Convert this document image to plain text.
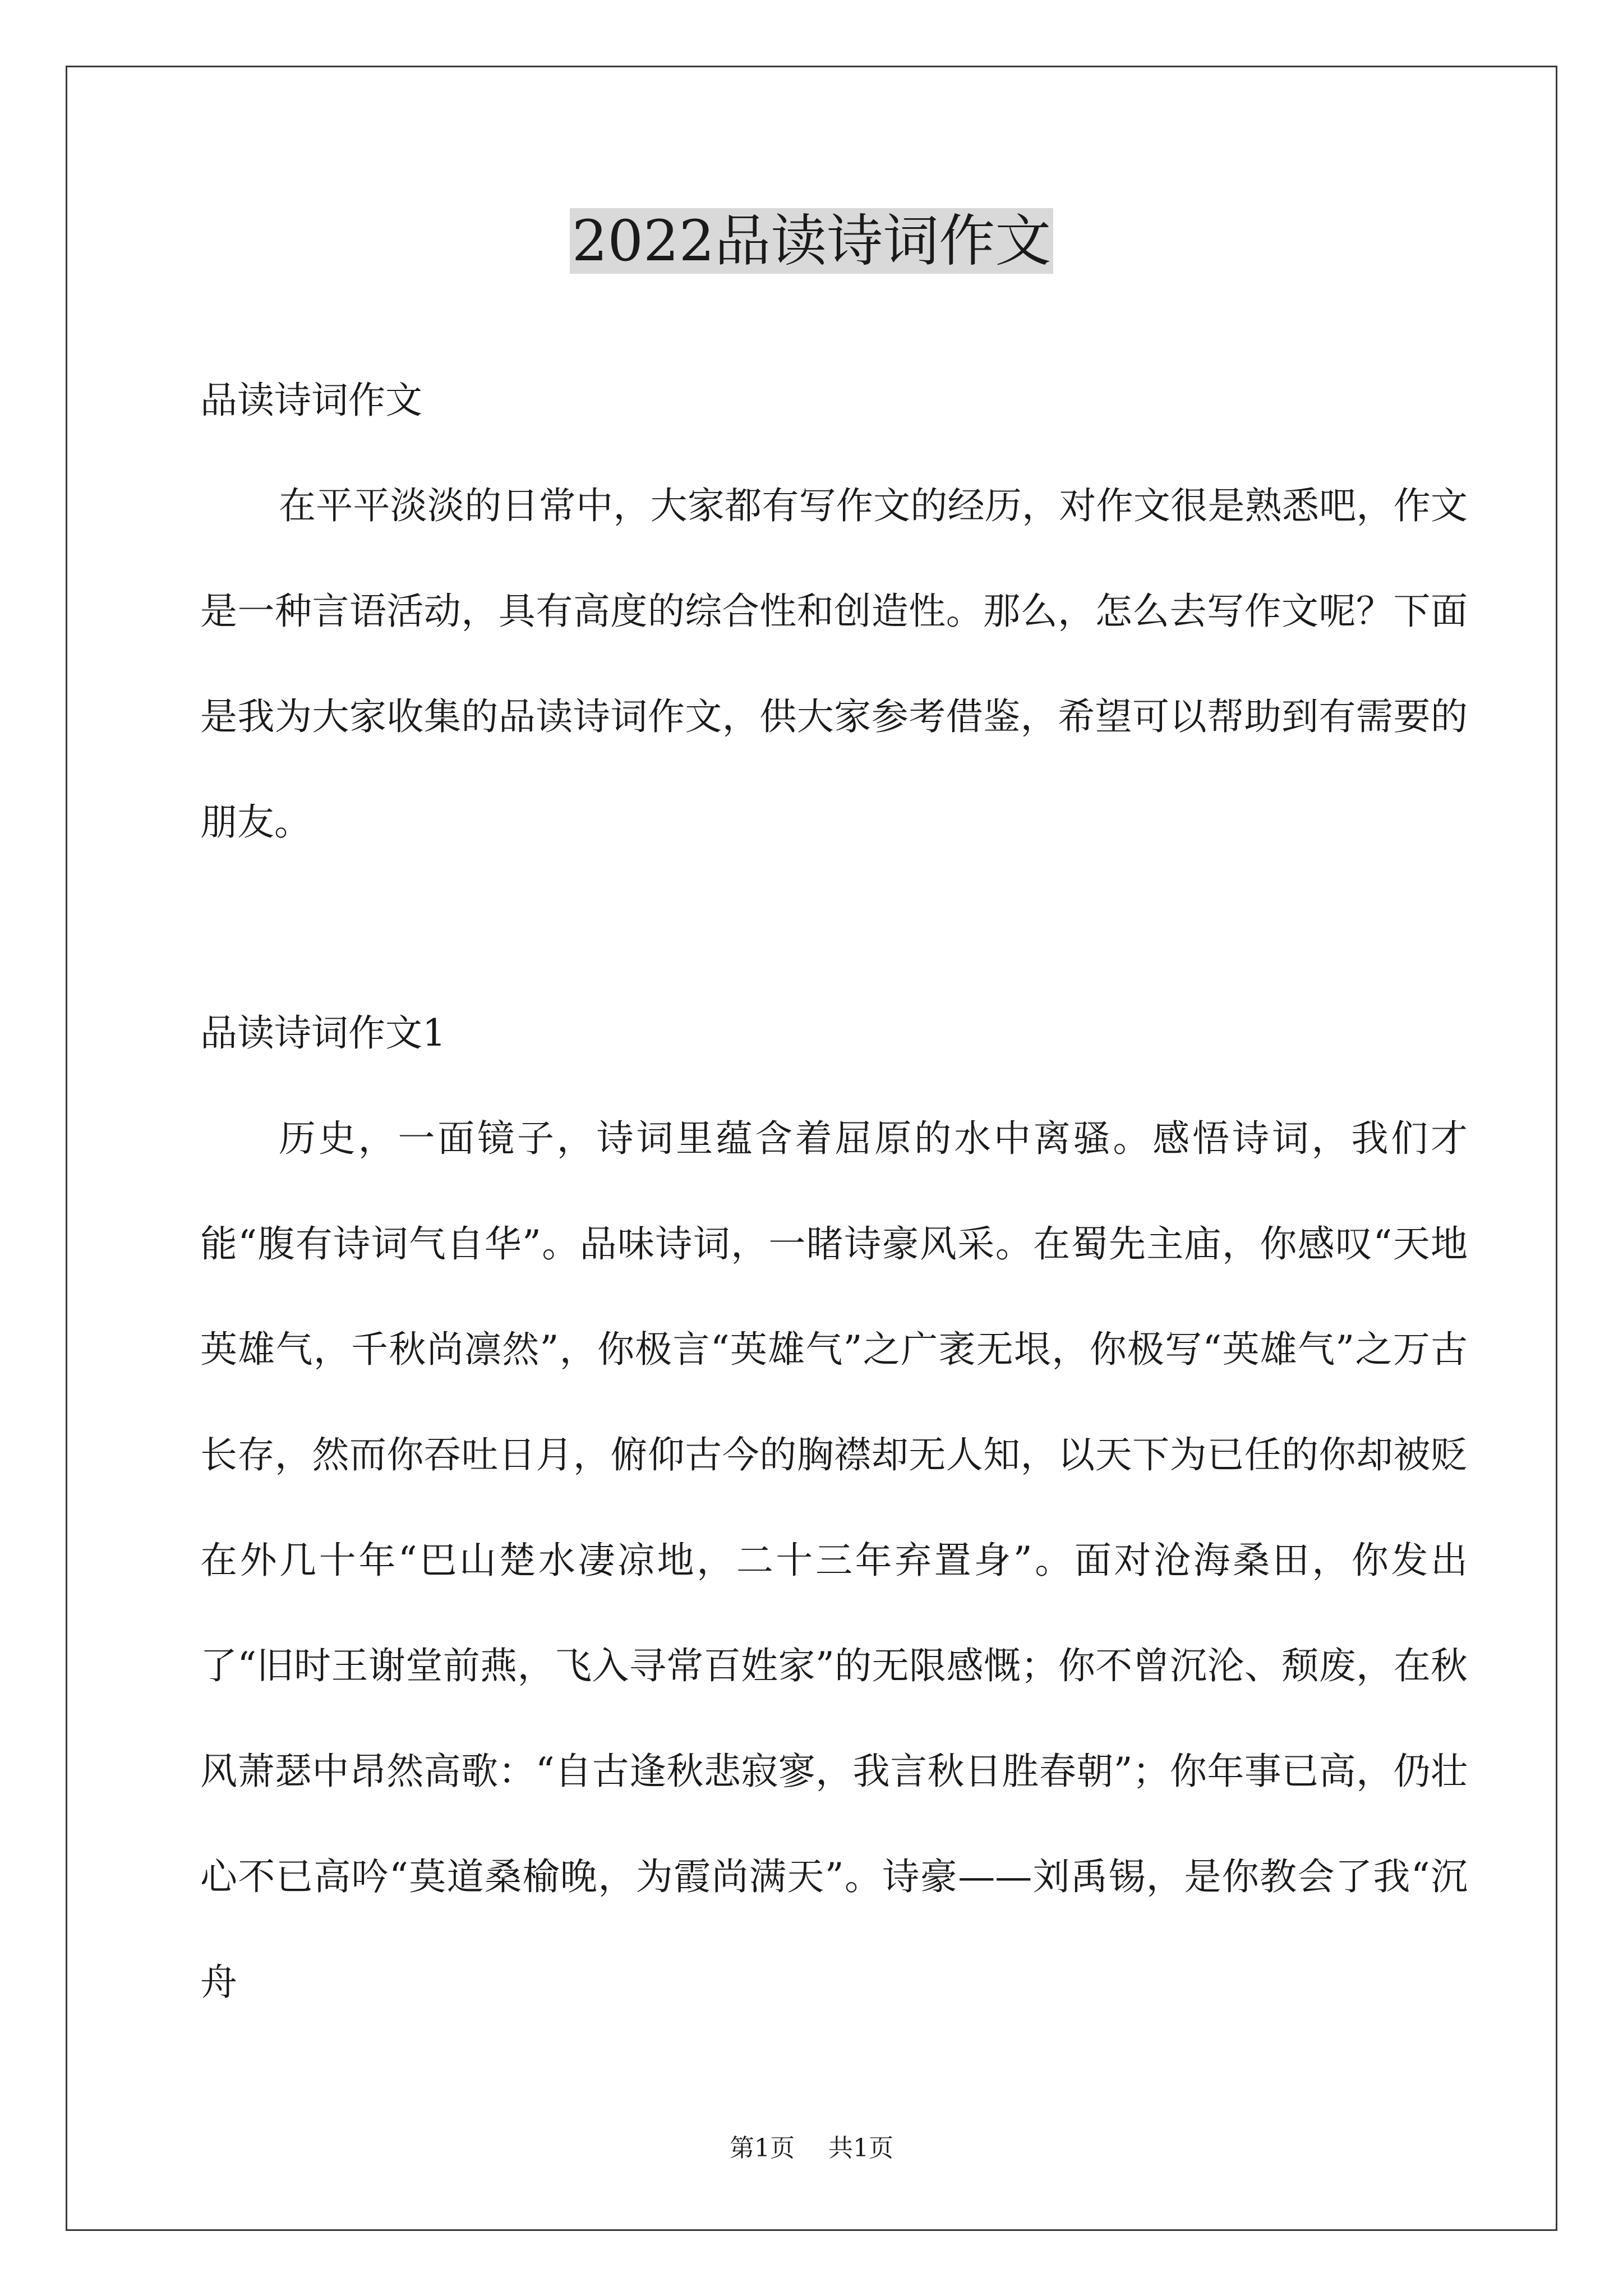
2022品读诗词作文

品读诗词作文

在平平淡淡的日常中，大家都有写作文的经历，对作文很是熟悉吧，作文是一种言语活动，具有高度的综合性和创造性。那么，怎么去写作文呢？下面是我为大家收集的品读诗词作文，供大家参考借鉴，希望可以帮助到有需要的朋友。

品读诗词作文1

历史，一面镜子，诗词里蕴含着屈原的水中离骚。感悟诗词，我们才能“腹有诗词气自华”。品味诗词，一睹诗豪风采。在蜀先主庙，你感叹“天地英雄气，千秋尚凛然”，你极言“英雄气”之广袤无垠，你极写“英雄气”之万古长存，然而你吞吐日月，俯仰古今的胸襟却无人知，以天下为已任的你却被贬在外几十年“巴山楚水凄凉地，二十三年弃置身”。面对沧海桑田，你发出了“旧时王谢堂前燕，飞入寻常百姓家”的无限感慨；你不曾沉沦、颓废，在秋风萧瑟中昂然高歌：“自古逢秋悲寂寥，我言秋日胜春朝”；你年事已高，仍壮心不已高吟“莫道桑榆晚，为霞尚满天”。诗豪——刘禹锡，是你教会了我“沉舟

第1页 共1页
